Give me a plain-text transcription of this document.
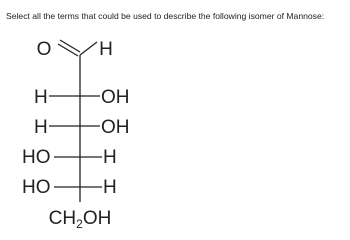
Select all the terms that could be used to describe the following isomer of Mannose:
O	H
H	OH
H	OH
HO	H
HO	H
$CH_2OH$
